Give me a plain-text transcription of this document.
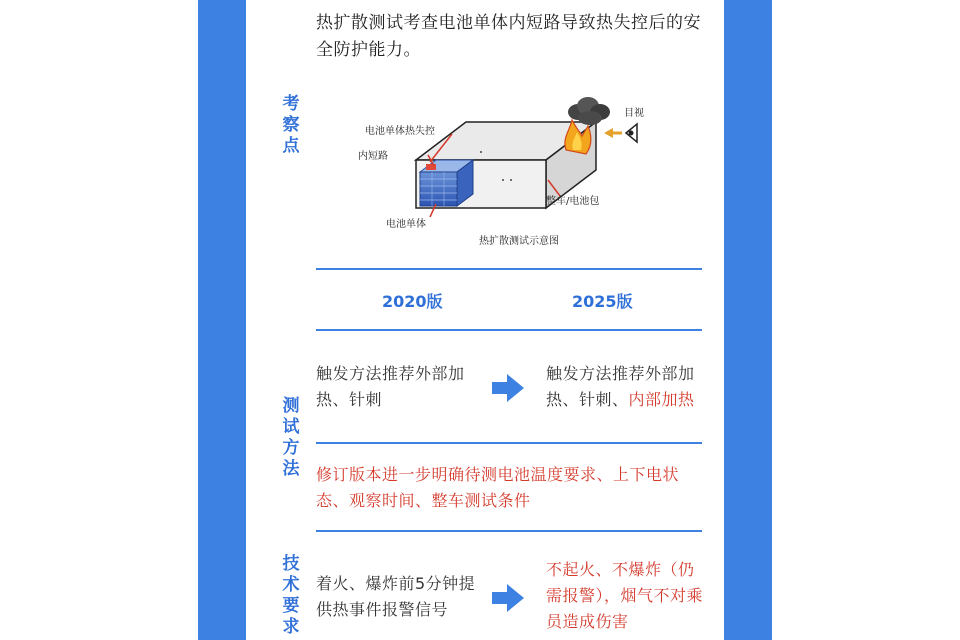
热扩散测试考查电池单体内短路导致热失控后的安全防护能力。
考察点
电池单体热失控
内短路
电池单体
整车/电池包
目视
热扩散测试示意图
2020版	2025版
测试方法
触发方法推荐外部加热、针刺
触发方法推荐外部加热、针刺、内部加热
修订版本进一步明确待测电池温度要求、上下电状态、观察时间、整车测试条件
技术要求
着火、爆炸前5分钟提供热事件报警信号
不起火、不爆炸（仍需报警），烟气不对乘员造成伤害
